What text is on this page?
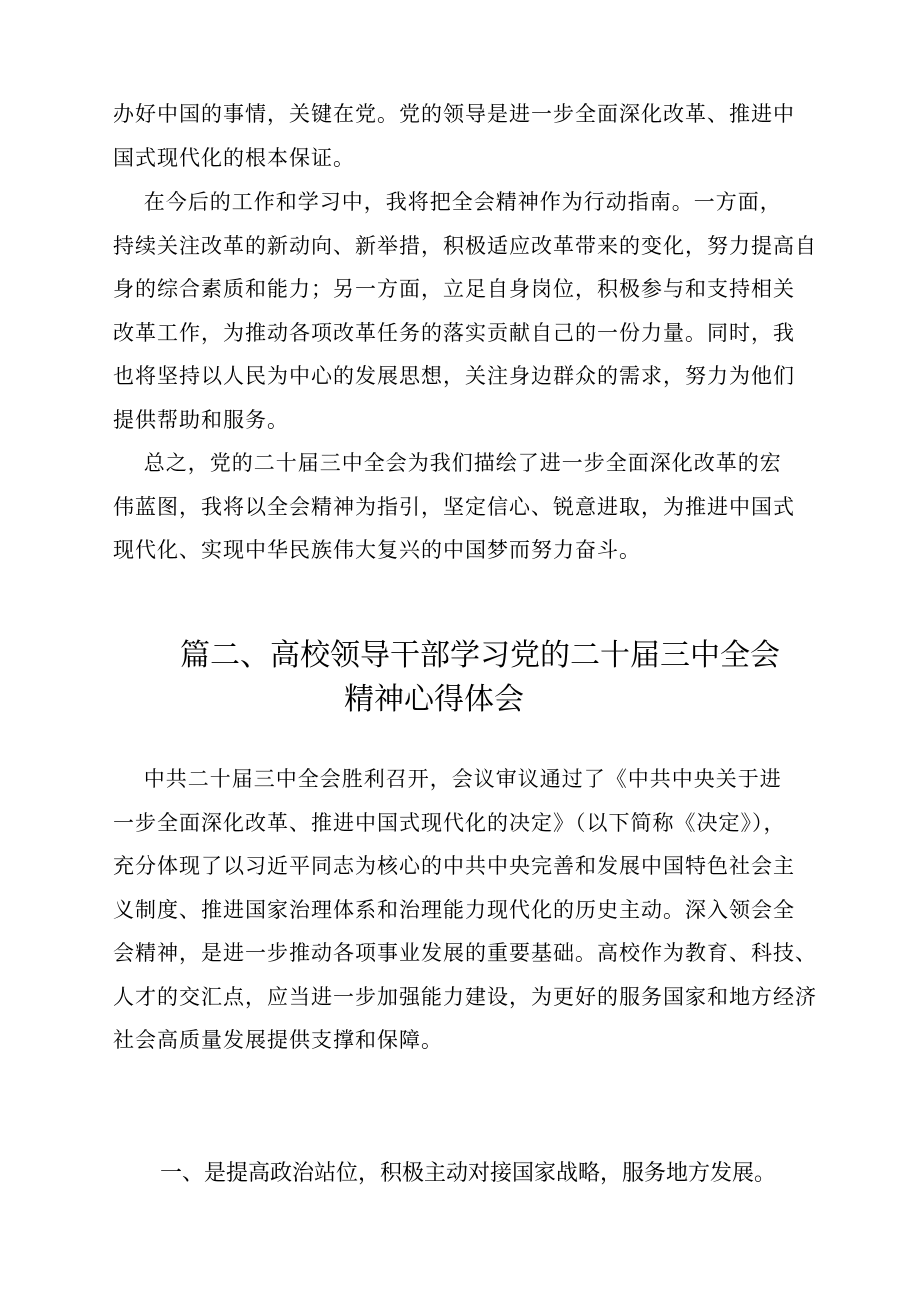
办好中国的事情，关键在党。党的领导是进一步全面深化改革、推进中
国式现代化的根本保证。
在今后的工作和学习中，我将把全会精神作为行动指南。一方面，
持续关注改革的新动向、新举措，积极适应改革带来的变化，努力提高自
身的综合素质和能力；另一方面，立足自身岗位，积极参与和支持相关
改革工作，为推动各项改革任务的落实贡献自己的一份力量。同时，我
也将坚持以人民为中心的发展思想，关注身边群众的需求，努力为他们
提供帮助和服务。
总之，党的二十届三中全会为我们描绘了进一步全面深化改革的宏
伟蓝图，我将以全会精神为指引，坚定信心、锐意进取，为推进中国式
现代化、实现中华民族伟大复兴的中国梦而努力奋斗。
篇二、高校领导干部学习党的二十届三中全会
精神心得体会
中共二十届三中全会胜利召开，会议审议通过了《中共中央关于进
一步全面深化改革、推进中国式现代化的决定》（以下简称《决定》），
充分体现了以习近平同志为核心的中共中央完善和发展中国特色社会主
义制度、推进国家治理体系和治理能力现代化的历史主动。深入领会全
会精神，是进一步推动各项事业发展的重要基础。高校作为教育、科技、
人才的交汇点，应当进一步加强能力建设，为更好的服务国家和地方经济
社会高质量发展提供支撑和保障。
一、是提高政治站位，积极主动对接国家战略，服务地方发展。
